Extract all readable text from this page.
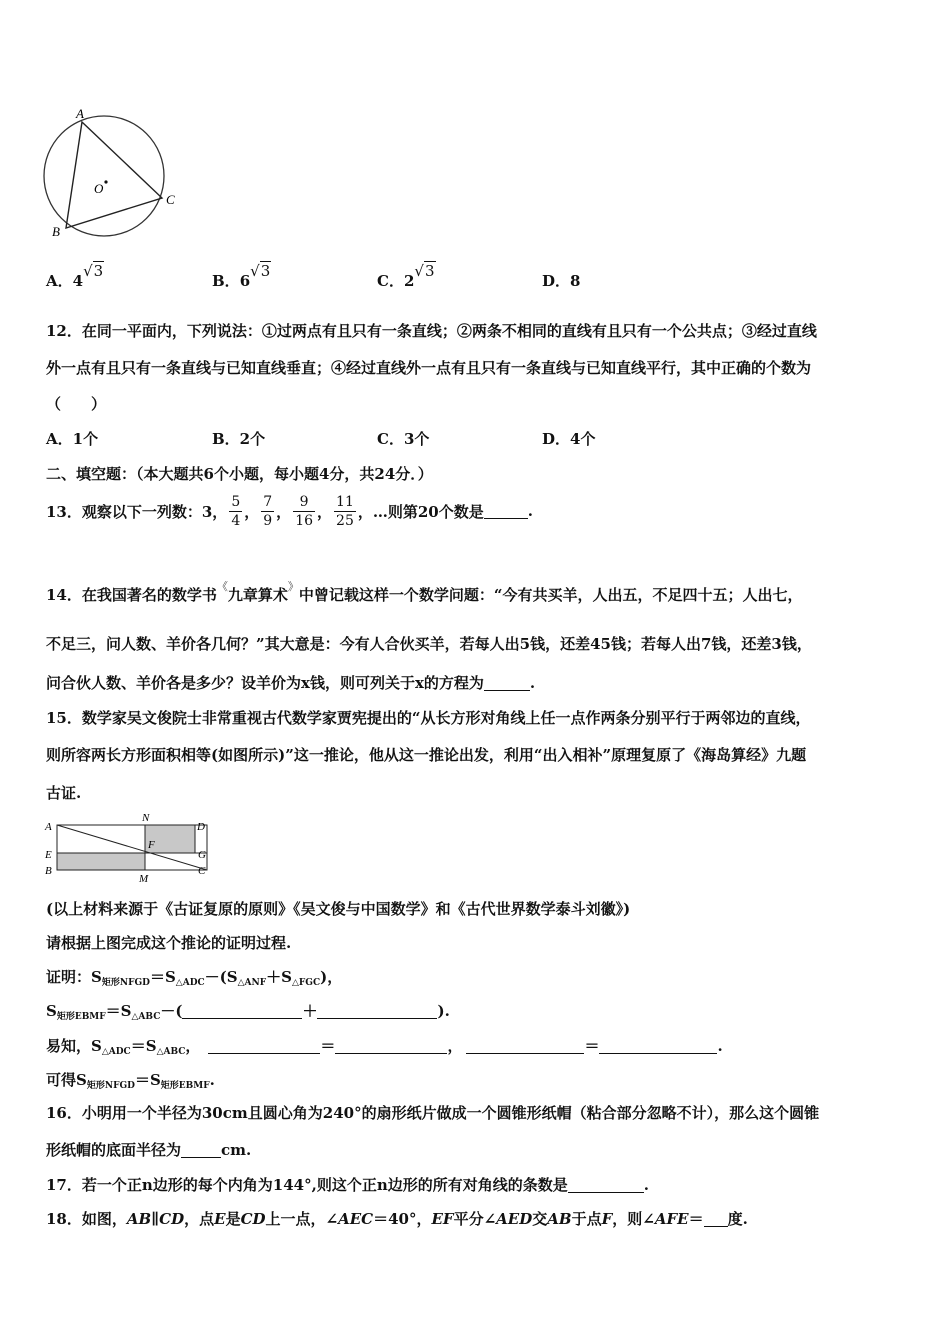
A
B
C
O
A．4√3
B．6√3
C．2√3
D．8
12．在同一平面内，下列说法：①过两点有且只有一条直线；②两条不相同的直线有且只有一个公共点；③经过直线
外一点有且只有一条直线与已知直线垂直；④经过直线外一点有且只有一条直线与已知直线平行，其中正确的个数为
（　　）
A．1个	B．2个	C．3个	D．4个
二、填空题：（本大题共6个小题，每小题4分，共24分．）
13．观察以下一列数：3， $\frac{5}{4}$ ， $\frac{7}{9}$ ， $\frac{9}{16}$ ， $\frac{11}{25}$ ，…则第20个数是	.
14．在我国著名的数学书《九章算术》中曾记载这样一个数学问题：“今有共买羊，人出五，不足四十五；人出七，
不足三，问人数、羊价各几何？”其大意是：今有人合伙买羊，若每人出5钱，还差45钱；若每人出7钱，还差3钱，
问合伙人数、羊价各是多少？设羊价为x钱，则可列关于x的方程为	.
15．数学家吴文俊院士非常重视古代数学家贾宪提出的“从长方形对角线上任一点作两条分别平行于两邻边的直线，
则所容两长方形面积相等(如图所示)”这一推论，他从这一推论出发，利用“出入相补”原理复原了《海岛算经》九题
古证.
A
N
D
E
F
G
B
M
C
(以上材料来源于《古证复原的原则》《吴文俊与中国数学》和《古代世界数学泰斗刘徽》)
请根据上图完成这个推论的证明过程.
证明：$S_{矩形NFGD}=S_{\triangle ADC}-(S_{\triangle ANF}+S_{\triangle FGC})$，
$S_{矩形EBMF}=S_{\triangle ABC}-$(	＋	).
易知，$S_{\triangle ADC}=S_{\triangle ABC}$，	＝	，	＝	.
可得$S_{矩形NFGD}=S_{矩形EBMF}$.
16．小明用一个半径为30cm且圆心角为240°的扇形纸片做成一个圆锥形纸帽（粘合部分忽略不计），那么这个圆锥
形纸帽的底面半径为	cm.
17．若一个正n边形的每个内角为144°,则这个正n边形的所有对角线的条数是	.
18．如图，AB∥CD，点E是CD上一点，∠AEC＝40°，EF平分∠AED交AB于点F，则∠AFE＝ 度.
